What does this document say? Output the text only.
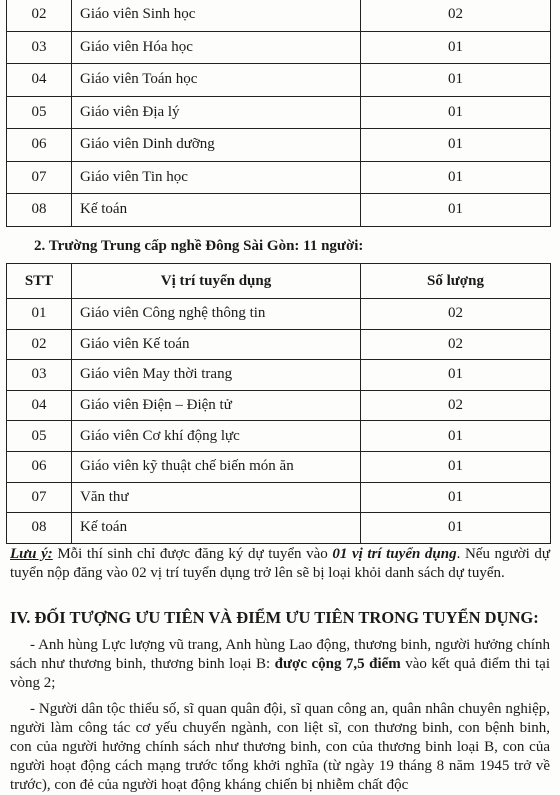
02	Giáo viên Sinh học	02
03	Giáo viên Hóa học	01
04	Giáo viên Toán học	01
05	Giáo viên Địa lý	01
06	Giáo viên Dinh dưỡng	01
07	Giáo viên Tin học	01
08	Kế toán	01
2. Trường Trung cấp nghề Đông Sài Gòn: 11 người:
STT	Vị trí tuyển dụng	Số lượng
01	Giáo viên Công nghệ thông tin	02
02	Giáo viên Kế toán	02
03	Giáo viên May thời trang	01
04	Giáo viên Điện – Điện tử	02
05	Giáo viên Cơ khí động lực	01
06	Giáo viên kỹ thuật chế biến món ăn	01
07	Văn thư	01
08	Kế toán	01
Lưu ý: Mỗi thí sinh chỉ được đăng ký dự tuyển vào 01 vị trí tuyển dụng. Nếu người dự tuyển nộp đăng vào 02 vị trí tuyển dụng trở lên sẽ bị loại khỏi danh sách dự tuyển.
IV. ĐỐI TƯỢNG ƯU TIÊN VÀ ĐIỂM ƯU TIÊN TRONG TUYỂN DỤNG:
- Anh hùng Lực lượng vũ trang, Anh hùng Lao động, thương binh, người hưởng chính sách như thương binh, thương binh loại B: được cộng 7,5 điểm vào kết quả điểm thi tại vòng 2;
- Người dân tộc thiểu số, sĩ quan quân đội, sĩ quan công an, quân nhân chuyên nghiệp, người làm công tác cơ yếu chuyển ngành, con liệt sĩ, con thương binh, con bệnh binh, con của người hưởng chính sách như thương binh, con của thương binh loại B, con của người hoạt động cách mạng trước tổng khởi nghĩa (từ ngày 19 tháng 8 năm 1945 trở về trước), con đẻ của người hoạt động kháng chiến bị nhiễm chất độc
